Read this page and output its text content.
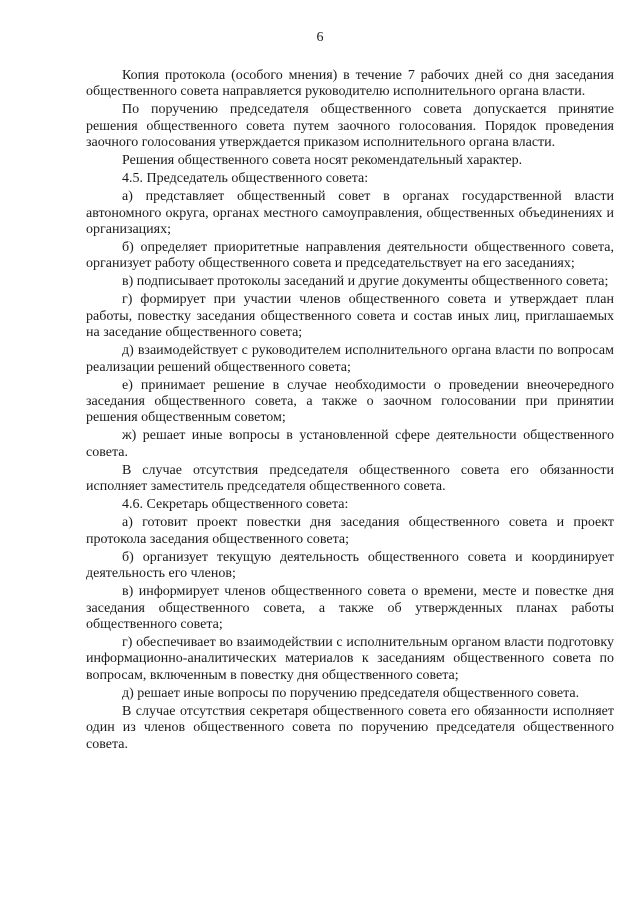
6

Копия протокола (особого мнения) в течение 7 рабочих дней со дня заседания общественного совета направляется руководителю исполнительного органа власти.

По поручению председателя общественного совета допускается принятие решения общественного совета путем заочного голосования. Порядок проведения заочного голосования утверждается приказом исполнительного органа власти.

Решения общественного совета носят рекомендательный характер.

4.5. Председатель общественного совета:

а) представляет общественный совет в органах государственной власти автономного округа, органах местного самоуправления, общественных объединениях и организациях;

б) определяет приоритетные направления деятельности общественного совета, организует работу общественного совета и председательствует на его заседаниях;

в) подписывает протоколы заседаний и другие документы общественного совета;

г) формирует при участии членов общественного совета и утверждает план работы, повестку заседания общественного совета и состав иных лиц, приглашаемых на заседание общественного совета;

д) взаимодействует с руководителем исполнительного органа власти по вопросам реализации решений общественного совета;

е) принимает решение в случае необходимости о проведении внеочередного заседания общественного совета, а также о заочном голосовании при принятии решения общественным советом;

ж) решает иные вопросы в установленной сфере деятельности общественного совета.

В случае отсутствия председателя общественного совета его обязанности исполняет заместитель председателя общественного совета.

4.6. Секретарь общественного совета:

а) готовит проект повестки дня заседания общественного совета и проект протокола заседания общественного совета;

б) организует текущую деятельность общественного совета и координирует деятельность его членов;

в) информирует членов общественного совета о времени, месте и повестке дня заседания общественного совета, а также об утвержденных планах работы общественного совета;

г) обеспечивает во взаимодействии с исполнительным органом власти подготовку информационно-аналитических материалов к заседаниям общественного совета по вопросам, включенным в повестку дня общественного совета;

д) решает иные вопросы по поручению председателя общественного совета.

В случае отсутствия секретаря общественного совета его обязанности исполняет один из членов общественного совета по поручению председателя общественного совета.
